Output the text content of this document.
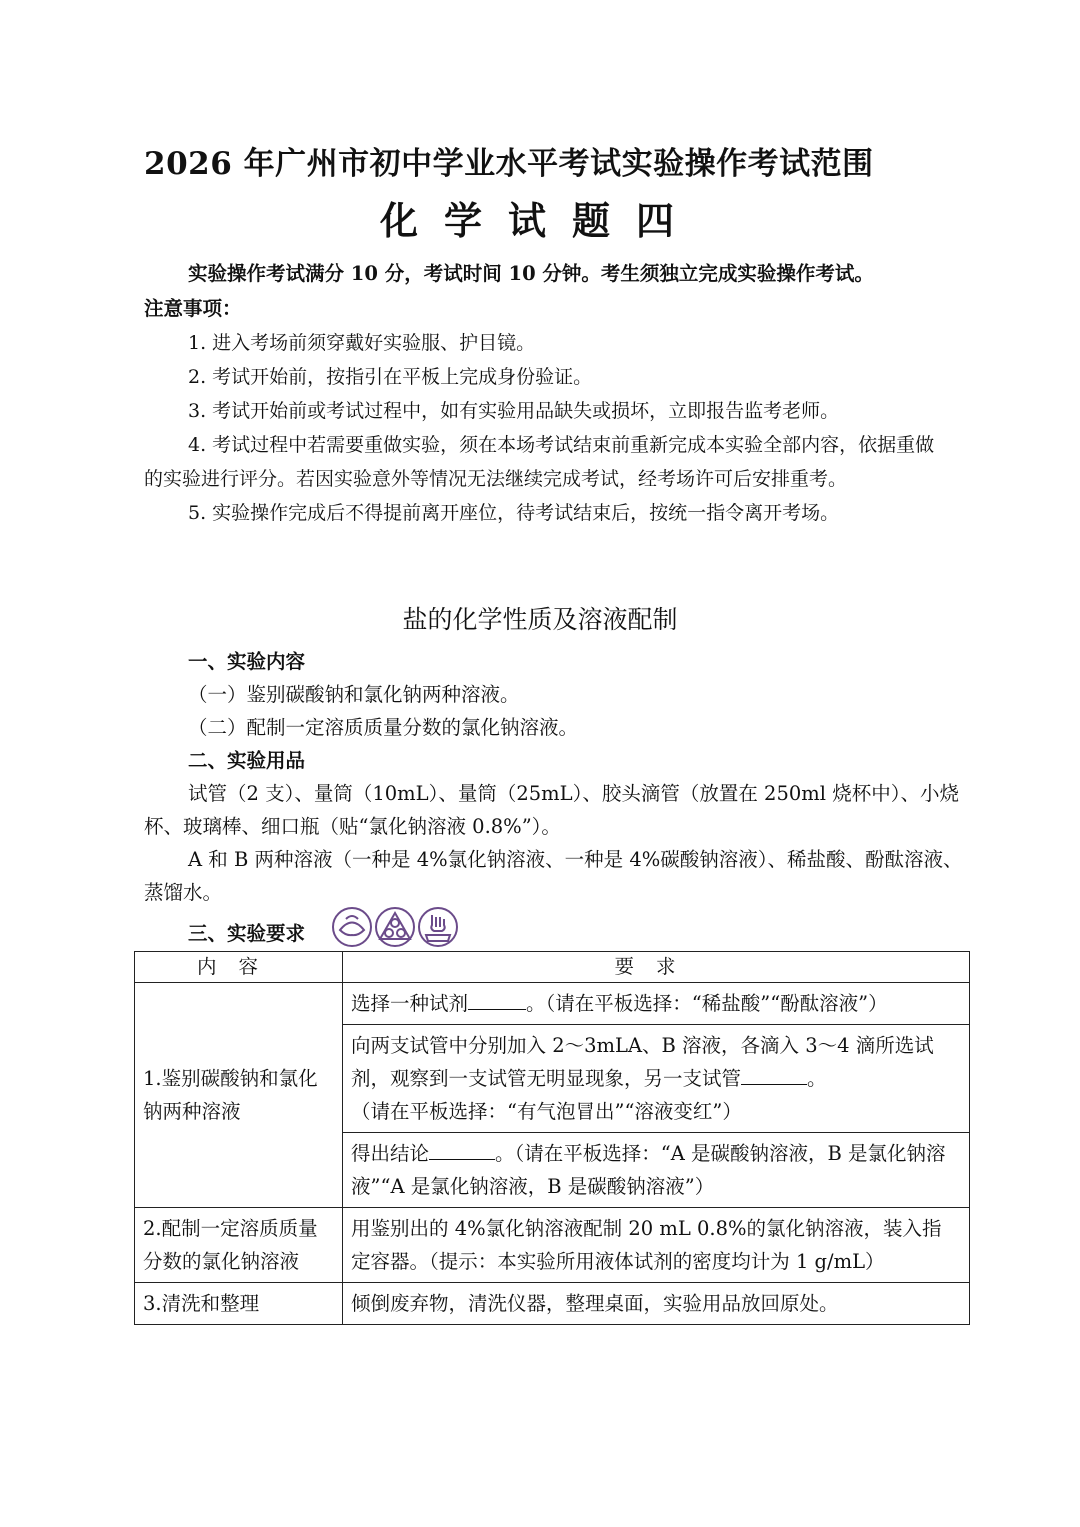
2026 年广州市初中学业水平考试实验操作考试范围
化学试题四
实验操作考试满分 10 分，考试时间 10 分钟。考生须独立完成实验操作考试。
注意事项：
1. 进入考场前须穿戴好实验服、护目镜。
2. 考试开始前，按指引在平板上完成身份验证。
3. 考试开始前或考试过程中，如有实验用品缺失或损坏，立即报告监考老师。
4. 考试过程中若需要重做实验，须在本场考试结束前重新完成本实验全部内容，依据重做的实验进行评分。若因实验意外等情况无法继续完成考试，经考场许可后安排重考。
5. 实验操作完成后不得提前离开座位，待考试结束后，按统一指令离开考场。
盐的化学性质及溶液配制
一、实验内容
（一）鉴别碳酸钠和氯化钠两种溶液。
（二）配制一定溶质质量分数的氯化钠溶液。
二、实验用品
试管（2 支）、量筒（10mL）、量筒（25mL）、胶头滴管（放置在 250ml 烧杯中）、小烧杯、玻璃棒、细口瓶（贴“氯化钠溶液 0.8%”）。
A 和 B 两种溶液（一种是 4%氯化钠溶液、一种是 4%碳酸钠溶液）、稀盐酸、酚酞溶液、蒸馏水。
三、实验要求
内容	要求
1.鉴别碳酸钠和氯化钠两种溶液	选择一种试剂 。（请在平板选择：“稀盐酸”“酚酞溶液”）
	向两支试管中分别加入 2～3mLA、B 溶液，各滴入 3～4 滴所选试剂，观察到一支试管无明显现象，另一支试管 。
（请在平板选择：“有气泡冒出”“溶液变红”）
	得出结论 。（请在平板选择：“A 是碳酸钠溶液，B 是氯化钠溶液”“A 是氯化钠溶液，B 是碳酸钠溶液”）
2.配制一定溶质质量分数的氯化钠溶液	用鉴别出的 4%氯化钠溶液配制 20 mL 0.8%的氯化钠溶液，装入指定容器。（提示：本实验所用液体试剂的密度均计为 1 g/mL）
3.清洗和整理	倾倒废弃物，清洗仪器，整理桌面，实验用品放回原处。
